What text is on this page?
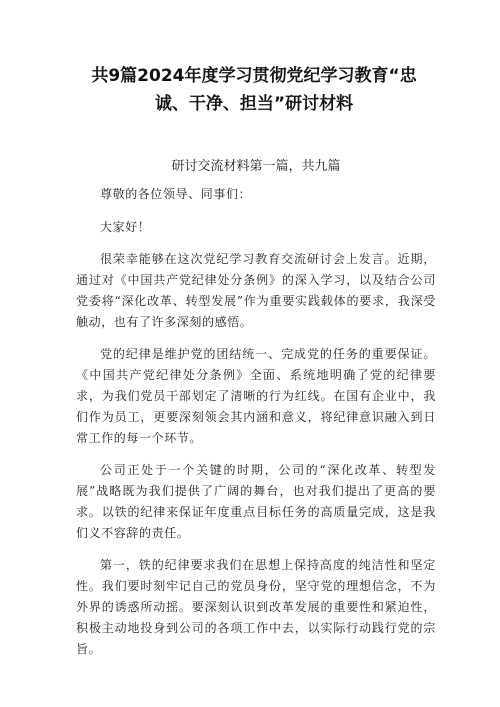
共9篇2024年度学习贯彻党纪学习教育“忠诚、干净、担当”研讨材料
研讨交流材料第一篇，共九篇

尊敬的各位领导、同事们：

大家好！

很荣幸能够在这次党纪学习教育交流研讨会上发言。近期，通过对《中国共产党纪律处分条例》的深入学习，以及结合公司党委将“深化改革、转型发展”作为重要实践载体的要求，我深受触动，也有了许多深刻的感悟。

党的纪律是维护党的团结统一、完成党的任务的重要保证。《中国共产党纪律处分条例》全面、系统地明确了党的纪律要求，为我们党员干部划定了清晰的行为红线。在国有企业中，我们作为员工，更要深刻领会其内涵和意义，将纪律意识融入到日常工作的每一个环节。

公司正处于一个关键的时期，公司的“深化改革、转型发展”战略既为我们提供了广阔的舞台，也对我们提出了更高的要求。以铁的纪律来保证年度重点目标任务的高质量完成，这是我们义不容辞的责任。

第一，铁的纪律要求我们在思想上保持高度的纯洁性和坚定性。我们要时刻牢记自己的党员身份，坚守党的理想信念，不为外界的诱惑所动摇。要深刻认识到改革发展的重要性和紧迫性，积极主动地投身到公司的各项工作中去，以实际行动践行党的宗旨。
